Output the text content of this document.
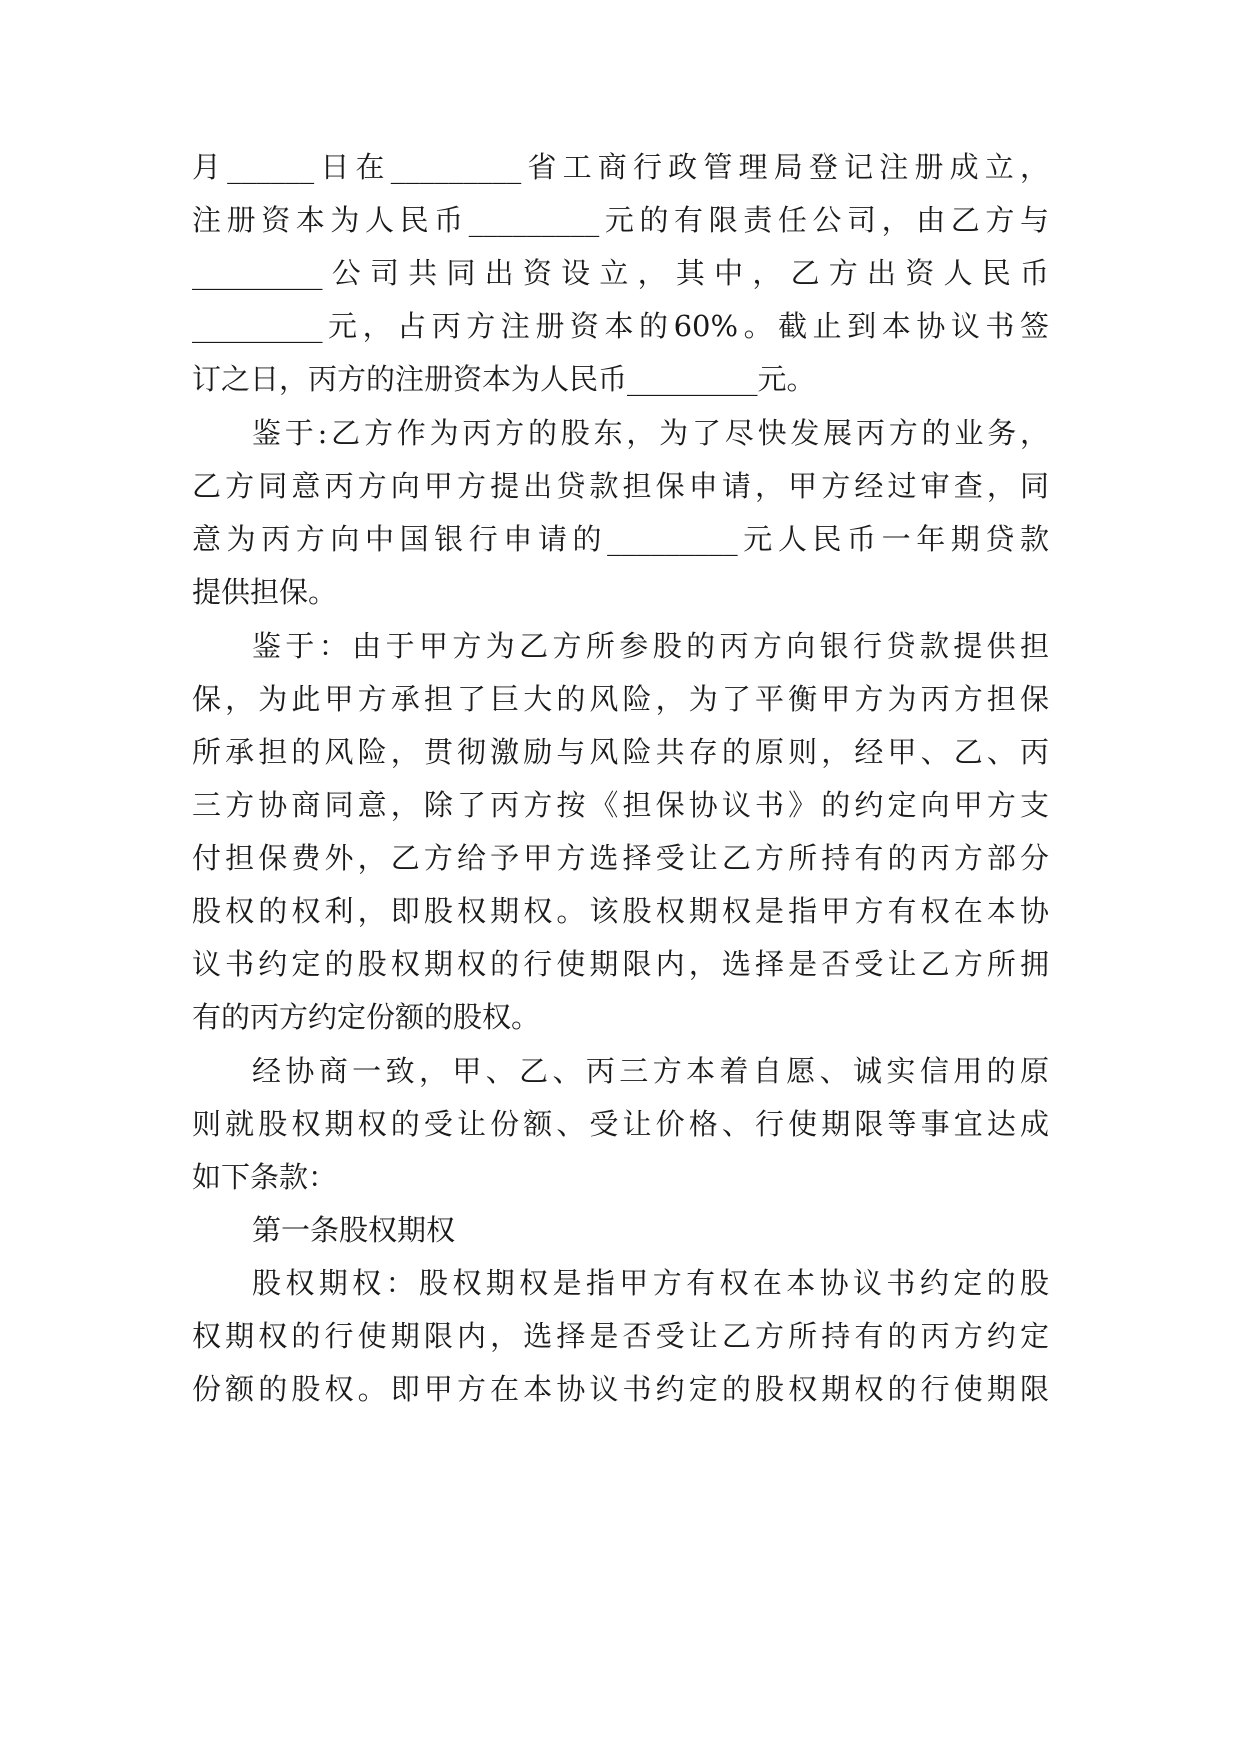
月______日在_________省工商行政管理局登记注册成立，
注册资本为人民币_________元的有限责任公司，由乙方与
_________公司共同出资设立，其中，乙方出资人民币
_________元，占丙方注册资本的60%。截止到本协议书签
订之日，丙方的注册资本为人民币_________元。
鉴于:乙方作为丙方的股东，为了尽快发展丙方的业务，
乙方同意丙方向甲方提出贷款担保申请，甲方经过审查，同
意为丙方向中国银行申请的_________元人民币一年期贷款
提供担保。
鉴于：由于甲方为乙方所参股的丙方向银行贷款提供担
保，为此甲方承担了巨大的风险，为了平衡甲方为丙方担保
所承担的风险，贯彻激励与风险共存的原则，经甲、乙、丙
三方协商同意，除了丙方按《担保协议书》的约定向甲方支
付担保费外，乙方给予甲方选择受让乙方所持有的丙方部分
股权的权利，即股权期权。该股权期权是指甲方有权在本协
议书约定的股权期权的行使期限内，选择是否受让乙方所拥
有的丙方约定份额的股权。
经协商一致，甲、乙、丙三方本着自愿、诚实信用的原
则就股权期权的受让份额、受让价格、行使期限等事宜达成
如下条款：
第一条股权期权
股权期权：股权期权是指甲方有权在本协议书约定的股
权期权的行使期限内，选择是否受让乙方所持有的丙方约定
份额的股权。即甲方在本协议书约定的股权期权的行使期限
